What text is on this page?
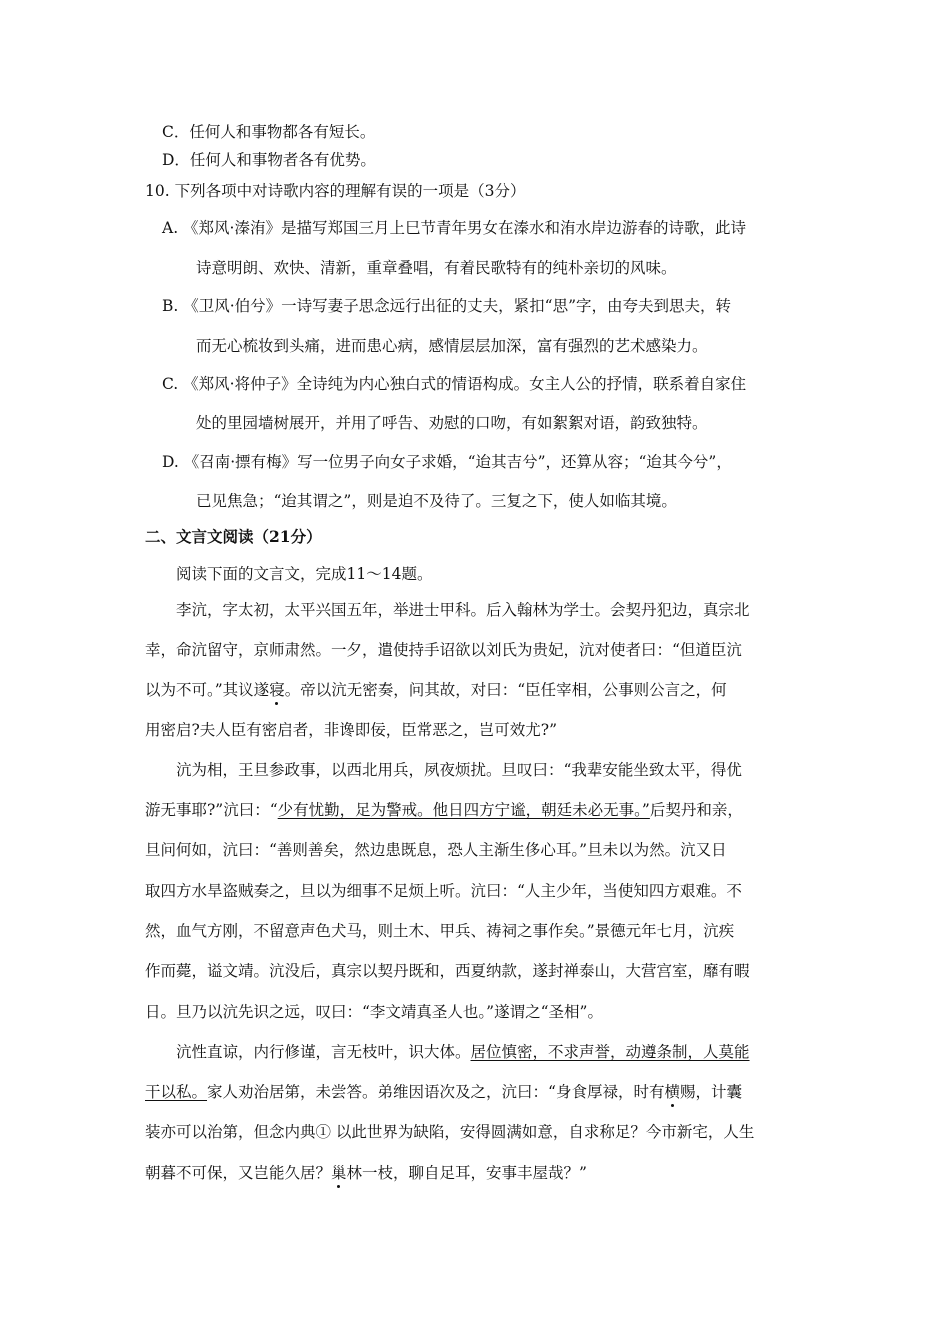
C．任何人和事物都各有短长。
D．任何人和事物者各有优势。
10. 下列各项中对诗歌内容的理解有误的一项是（3分）
A. 《郑风·溱洧》是描写郑国三月上巳节青年男女在溱水和洧水岸边游春的诗歌，此诗
诗意明朗、欢快、清新，重章叠唱，有着民歌特有的纯朴亲切的风味。
B. 《卫风·伯兮》一诗写妻子思念远行出征的丈夫，紧扣“思”字，由夸夫到思夫，转
而无心梳妆到头痛，进而患心病，感情层层加深，富有强烈的艺术感染力。
C. 《郑风·将仲子》全诗纯为内心独白式的情语构成。女主人公的抒情，联系着自家住
处的里园墙树展开，并用了呼告、劝慰的口吻，有如絮絮对语，韵致独特。
D. 《召南·摽有梅》写一位男子向女子求婚，“迨其吉兮”，还算从容；“迨其今兮”，
已见焦急；“迨其谓之”，则是迫不及待了。三复之下，使人如临其境。
二、文言文阅读（21分）
阅读下面的文言文，完成11～14题。
李沆，字太初，太平兴国五年，举进士甲科。后入翰林为学士。会契丹犯边，真宗北
幸，命沆留守，京师肃然。一夕，遣使持手诏欲以刘氏为贵妃，沆对使者曰：“但道臣沆
以为不可。”其议遂寝。帝以沆无密奏，问其故，对曰：“臣任宰相，公事则公言之，何
用密启?夫人臣有密启者，非谗即佞，臣常恶之，岂可效尤?”
沆为相，王旦参政事，以西北用兵，夙夜烦扰。旦叹曰：“我辈安能坐致太平，得优
游无事耶?”沆曰：“少有忧勤，足为警戒。他日四方宁谧，朝廷未必无事。”后契丹和亲，
旦问何如，沆曰：“善则善矣，然边患既息，恐人主渐生侈心耳。”旦未以为然。沆又日
取四方水旱盗贼奏之，旦以为细事不足烦上听。沆曰：“人主少年，当使知四方艰难。不
然，血气方刚，不留意声色犬马，则土木、甲兵、祷祠之事作矣。”景德元年七月，沆疾
作而薨，谥文靖。沆没后，真宗以契丹既和，西夏纳款，遂封禅泰山，大营宫室，靡有暇
日。旦乃以沆先识之远，叹曰：“李文靖真圣人也。”遂谓之“圣相”。
沆性直谅，内行修谨，言无枝叶，识大体。居位慎密，不求声誉，动遵条制，人莫能
干以私。家人劝治居第，未尝答。弟维因语次及之，沆曰：“身食厚禄，时有横赐，计囊
装亦可以治第，但念内典① 以此世界为缺陷，安得圆满如意，自求称足？今市新宅，人生
朝暮不可保，又岂能久居？巢林一枝，聊自足耳，安事丰屋哉？”
